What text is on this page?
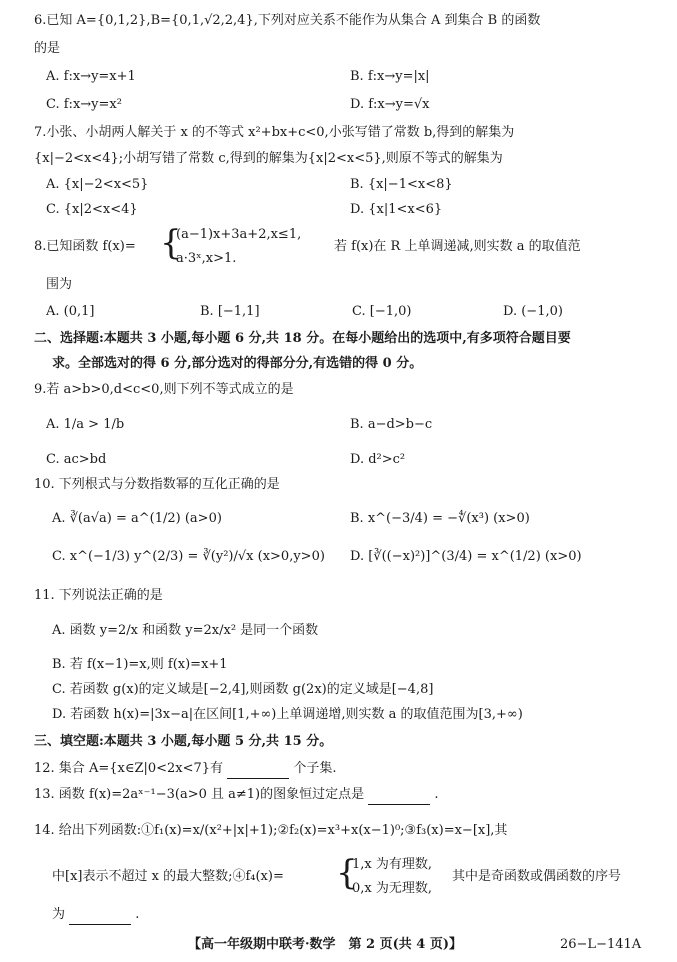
6.已知 A={0,1,2},B={0,1,√2,2,4},下列对应关系不能作为从集合 A 到集合 B 的函数
的是
A. f:x→y=x+1	B. f:x→y=|x|
C. f:x→y=x²	D. f:x→y=√x
7.小张、小胡两人解关于 x 的不等式 x²+bx+c<0,小张写错了常数 b,得到的解集为
{x|−2<x<4};小胡写错了常数 c,得到的解集为{x|2<x<5},则原不等式的解集为
A. {x|−2<x<5}	B. {x|−1<x<8}
C. {x|2<x<4}	D. {x|1<x<6}
8.已知函数 f(x)= {
(a−1)x+3a+2,x≤1,
a·3ˣ,x>1.
若 f(x)在 R 上单调递减,则实数 a 的取值范
围为
A. (0,1]	B. [−1,1]	C. [−1,0)	D. (−1,0)
二、选择题:本题共 3 小题,每小题 6 分,共 18 分。在每小题给出的选项中,有多项符合题目要
求。全部选对的得 6 分,部分选对的得部分分,有选错的得 0 分。
9.若 a>b>0,d<c<0,则下列不等式成立的是
A. 1/a > 1/b	B. a−d>b−c
C. ac>bd	D. d²>c²
10. 下列根式与分数指数幂的互化正确的是
A. ∛(a√a) = a^(1/2) (a>0)	B. x^(−3/4) = −∜(x³) (x>0)
C. x^(−1/3) y^(2/3) = ∛(y²)/√x (x>0,y>0) D. [∛((−x)²)]^(3/4) = x^(1/2) (x>0)
11. 下列说法正确的是
A. 函数 y=2/x 和函数 y=2x/x² 是同一个函数
B. 若 f(x−1)=x,则 f(x)=x+1
C. 若函数 g(x)的定义域是[−2,4],则函数 g(2x)的定义域是[−4,8]
D. 若函数 h(x)=|3x−a|在区间[1,+∞)上单调递增,则实数 a 的取值范围为[3,+∞)
三、填空题:本题共 3 小题,每小题 5 分,共 15 分。
12. 集合 A={x∈Z|0<2x<7}有	个子集.
13. 函数 f(x)=2aˣ⁻¹−3(a>0 且 a≠1)的图象恒过定点是	.
14. 给出下列函数:①f₁(x)=x/(x²+|x|+1);②f₂(x)=x³+x(x−1)⁰;③f₃(x)=x−[x],其
中[x]表示不超过 x 的最大整数;④f₄(x)= {
1,x 为有理数,
0,x 为无理数,
其中是奇函数或偶函数的序号
为	.
【高一年级期中联考·数学　第 2 页(共 4 页)】	26−L−141A
